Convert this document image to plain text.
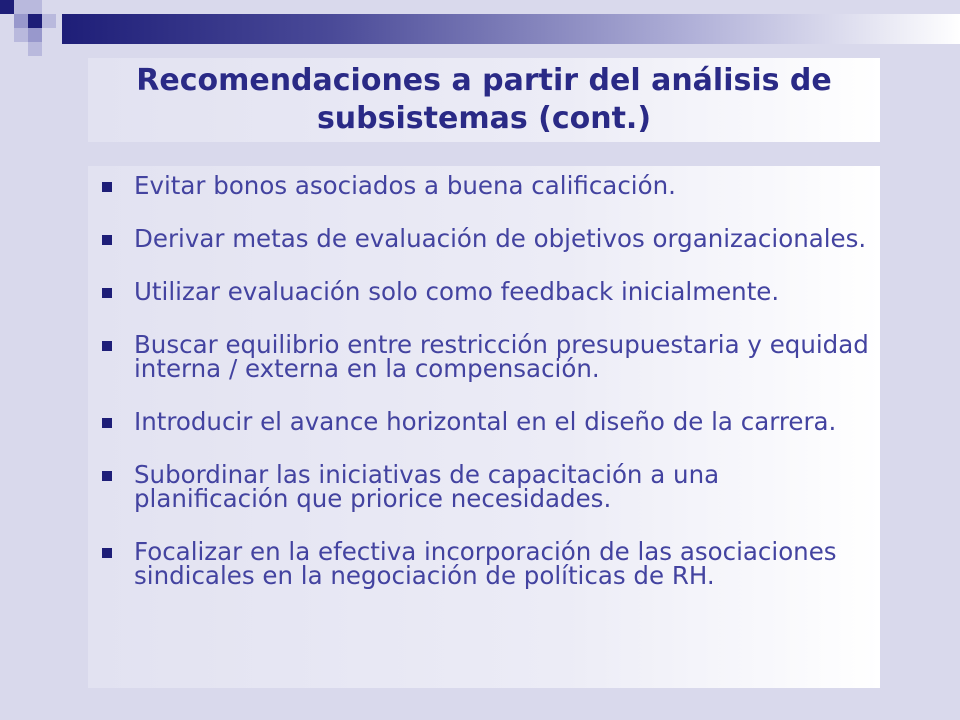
Recomendaciones a partir del análisis de subsistemas (cont.)
Evitar bonos asociados a buena calificación.
Derivar metas de evaluación de objetivos organizacionales.
Utilizar evaluación solo como feedback inicialmente.
Buscar equilibrio entre restricción presupuestaria y equidad interna / externa en la compensación.
Introducir el avance horizontal en el diseño de la carrera.
Subordinar las iniciativas de capacitación a una planificación que priorice necesidades.
Focalizar en la efectiva incorporación de las asociaciones sindicales en la negociación de políticas de RH.
